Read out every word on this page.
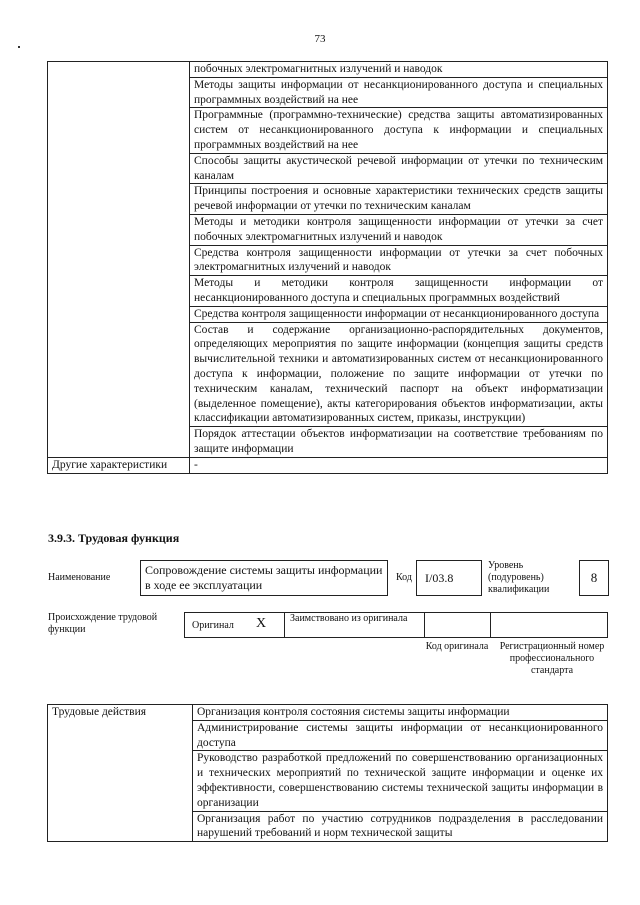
73
	побочных электромагнитных излучений и наводок
	Методы защиты информации от несанкционированного доступа и специальных программных воздействий на нее
	Программные (программно-технические) средства защиты автоматизированных систем от несанкционированного доступа к информации и специальных программных воздействий на нее
	Способы защиты акустической речевой информации от утечки по техническим каналам
	Принципы построения и основные характеристики технических средств защиты речевой информации от утечки по техническим каналам
	Методы и методики контроля защищенности информации от утечки за счет побочных электромагнитных излучений и наводок
	Средства контроля защищенности информации от утечки за счет побочных электромагнитных излучений и наводок
	Методы и методики контроля защищенности информации от несанкционированного доступа и специальных программных воздействий
	Средства контроля защищенности информации от несанкционированного доступа
	Состав и содержание организационно-распорядительных документов, определяющих мероприятия по защите информации (концепция защиты средств вычислительной техники и автоматизированных систем от несанкционированного доступа к информации, положение по защите информации от утечки по техническим каналам, технический паспорт на объект информатизации (выделенное помещение), акты категорирования объектов информатизации, акты классификации автоматизированных систем, приказы, инструкции)
	Порядок аттестации объектов информатизации на соответствие требованиям по защите информации
Другие характеристики	-
3.9.3. Трудовая функция
Наименование
Сопровождение системы защиты информации в ходе ее эксплуатации
Код	I/03.8
Уровень (подуровень) квалификации
8
Происхождение трудовой функции	Оригинал X Заимствовано из оригинала
Код оригинала	Регистрационный номер профессионального стандарта
Трудовые действия	Организация контроля состояния системы защиты информации
Администрирование системы защиты информации от несанкционированного доступа
Руководство разработкой предложений по совершенствованию организационных и технических мероприятий по технической защите информации и оценке их эффективности, совершенствованию системы технической защиты информации в организации
Организация работ по участию сотрудников подразделения в расследовании нарушений требований и норм технической защиты
